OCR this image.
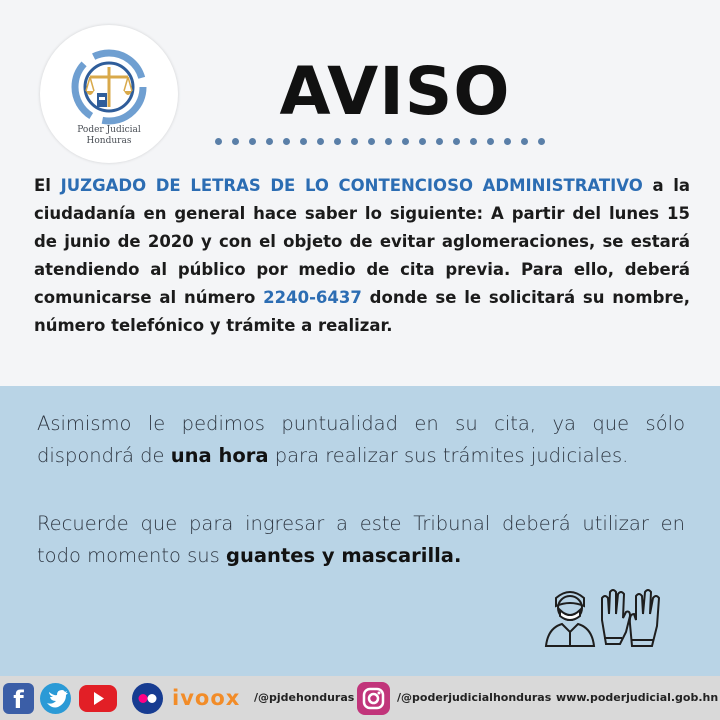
Poder Judicial
Honduras
AVISO
El JUZGADO DE LETRAS DE LO CONTENCIOSO ADMINISTRATIVO a la ciudadanía en general hace saber lo siguiente: A partir del lunes 15 de junio de 2020 y con el objeto de evitar aglomeraciones, se estará atendiendo al público por medio de cita previa. Para ello, deberá comunicarse al número 2240-6437 donde se le solicitará su nombre, número telefónico y trámite a realizar.
Asimismo le pedimos puntualidad en su cita, ya que sólo dispondrá de una hora para realizar sus trámites judiciales.
Recuerde que para ingresar a este Tribunal deberá utilizar en todo momento sus guantes y mascarilla.
f	ivoox /@pjdehonduras	/@poderjudicialhonduras www.poderjudicial.gob.hn
